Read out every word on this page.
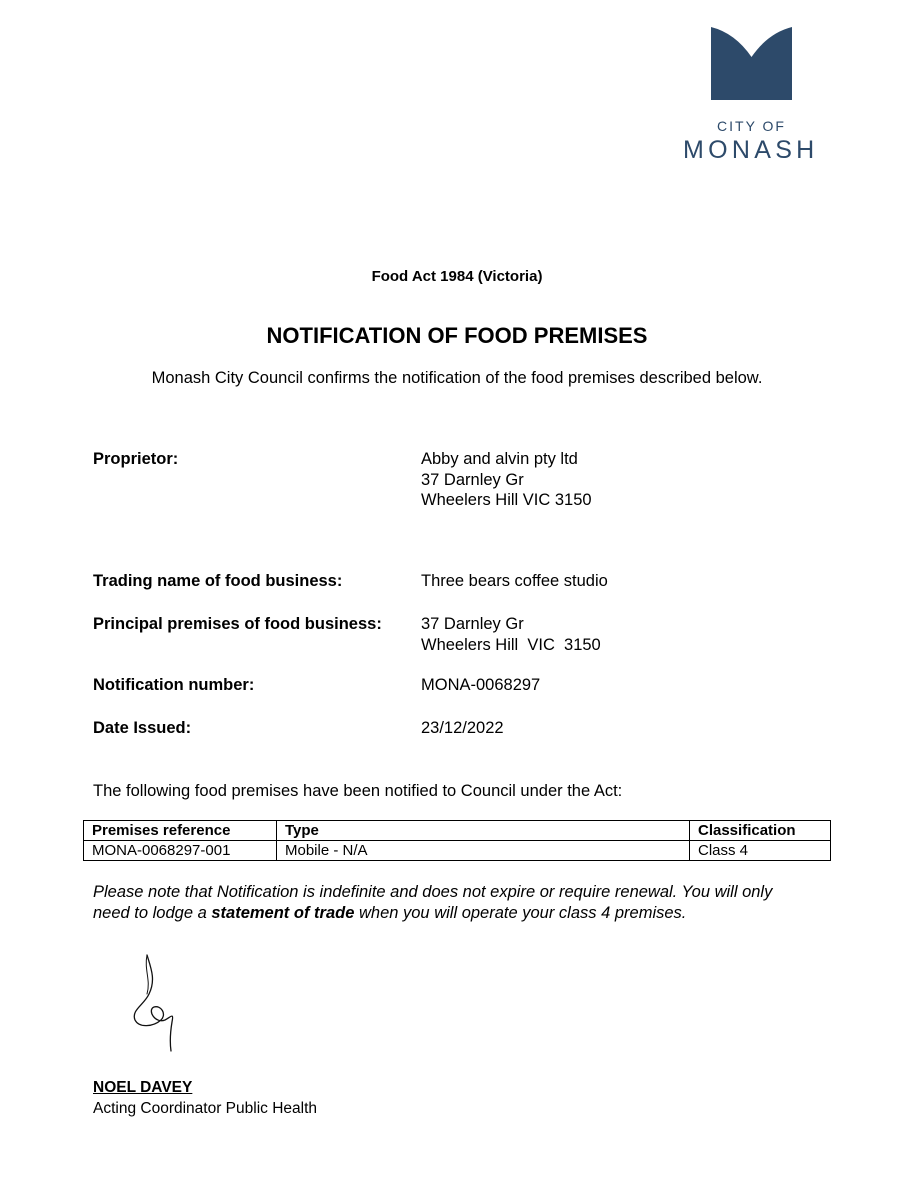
CITY OF
MONASH
Food Act 1984 (Victoria)
NOTIFICATION OF FOOD PREMISES
Monash City Council confirms the notification of the food premises described below.
Proprietor:	Abby and alvin pty ltd
37 Darnley Gr
Wheelers Hill VIC 3150
Trading name of food business:	Three bears coffee studio
Principal premises of food business: 37 Darnley Gr
Wheelers Hill  VIC  3150
Notification number:	MONA-0068297
Date Issued:	23/12/2022
The following food premises have been notified to Council under the Act:
Premises reference	Type	Classification
MONA-0068297-001	Mobile - N/A	Class 4
Please note that Notification is indefinite and does not expire or require renewal. You will only need to lodge a statement of trade when you will operate your class 4 premises.
NOEL DAVEY
Acting Coordinator Public Health
